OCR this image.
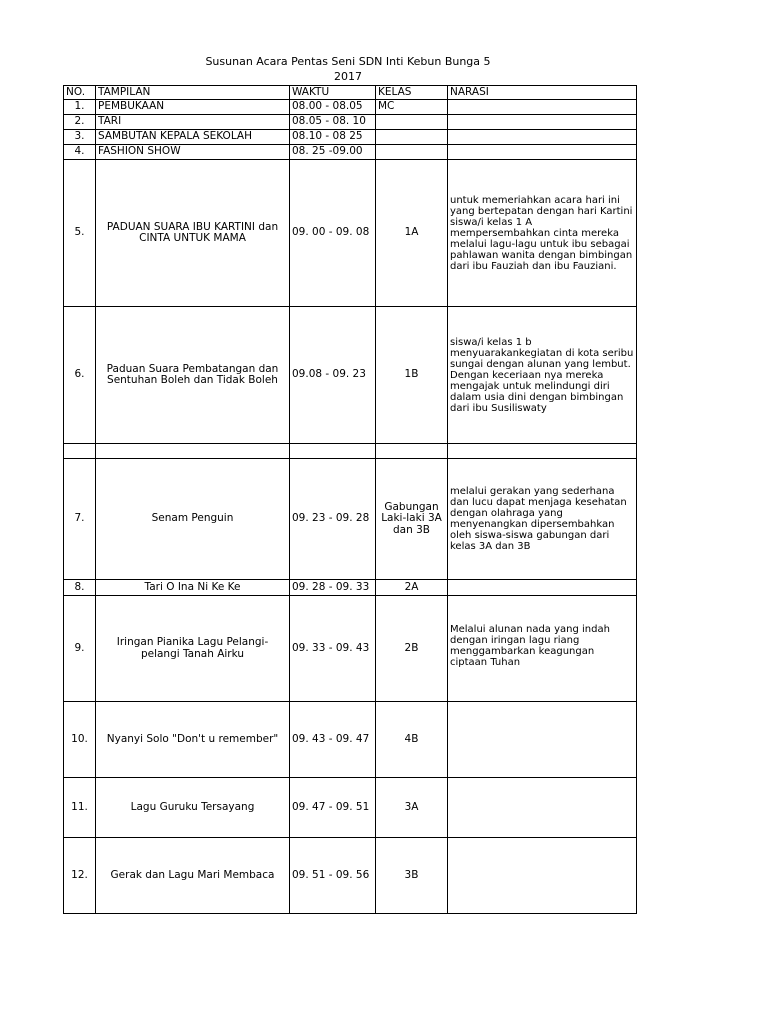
Susunan Acara Pentas Seni SDN Inti Kebun Bunga 5
2017
NO.	TAMPILAN	WAKTU	KELAS	NARASI
1.	PEMBUKAAN	08.00 - 08.05	MC	
2.	TARI	08.05 - 08. 10		
3.	SAMBUTAN KEPALA SEKOLAH	08.10 - 08 25		
4.	FASHION SHOW	08. 25 -09.00		
5.	PADUAN SUARA IBU KARTINI dan CINTA UNTUK MAMA	09. 00 - 09. 08	1A	untuk memeriahkan acara hari ini yang bertepatan dengan hari Kartini siswa/i kelas 1 A mempersembahkan cinta mereka melalui lagu-lagu untuk ibu sebagai pahlawan wanita dengan bimbingan dari ibu Fauziah dan ibu Fauziani.
6.	Paduan Suara Pembatangan dan Sentuhan Boleh dan Tidak Boleh	09.08 - 09. 23	1B	siswa/i kelas 1 b menyuarakankegiatan di kota seribu sungai dengan alunan yang lembut. Dengan keceriaan nya mereka mengajak untuk melindungi diri dalam usia dini dengan bimbingan dari ibu Susiliswaty

7.	Senam Penguin	09. 23 - 09. 28	Gabungan Laki-laki 3A dan 3B	melalui gerakan yang sederhana dan lucu dapat menjaga kesehatan dengan olahraga yang menyenangkan dipersembahkan oleh siswa-siswa gabungan dari kelas 3A dan 3B
8.	Tari O Ina Ni Ke Ke	09. 28 - 09. 33	2A	
9.	Iringan Pianika Lagu Pelangi-pelangi Tanah Airku	09. 33 - 09. 43	2B	Melalui alunan nada yang indah dengan iringan lagu riang menggambarkan keagungan ciptaan Tuhan
10.	Nyanyi Solo "Don't u remember"	09. 43 - 09. 47	4B	
11.	Lagu Guruku Tersayang	09. 47 - 09. 51	3A	
12.	Gerak dan Lagu Mari Membaca	09. 51 - 09. 56	3B	
